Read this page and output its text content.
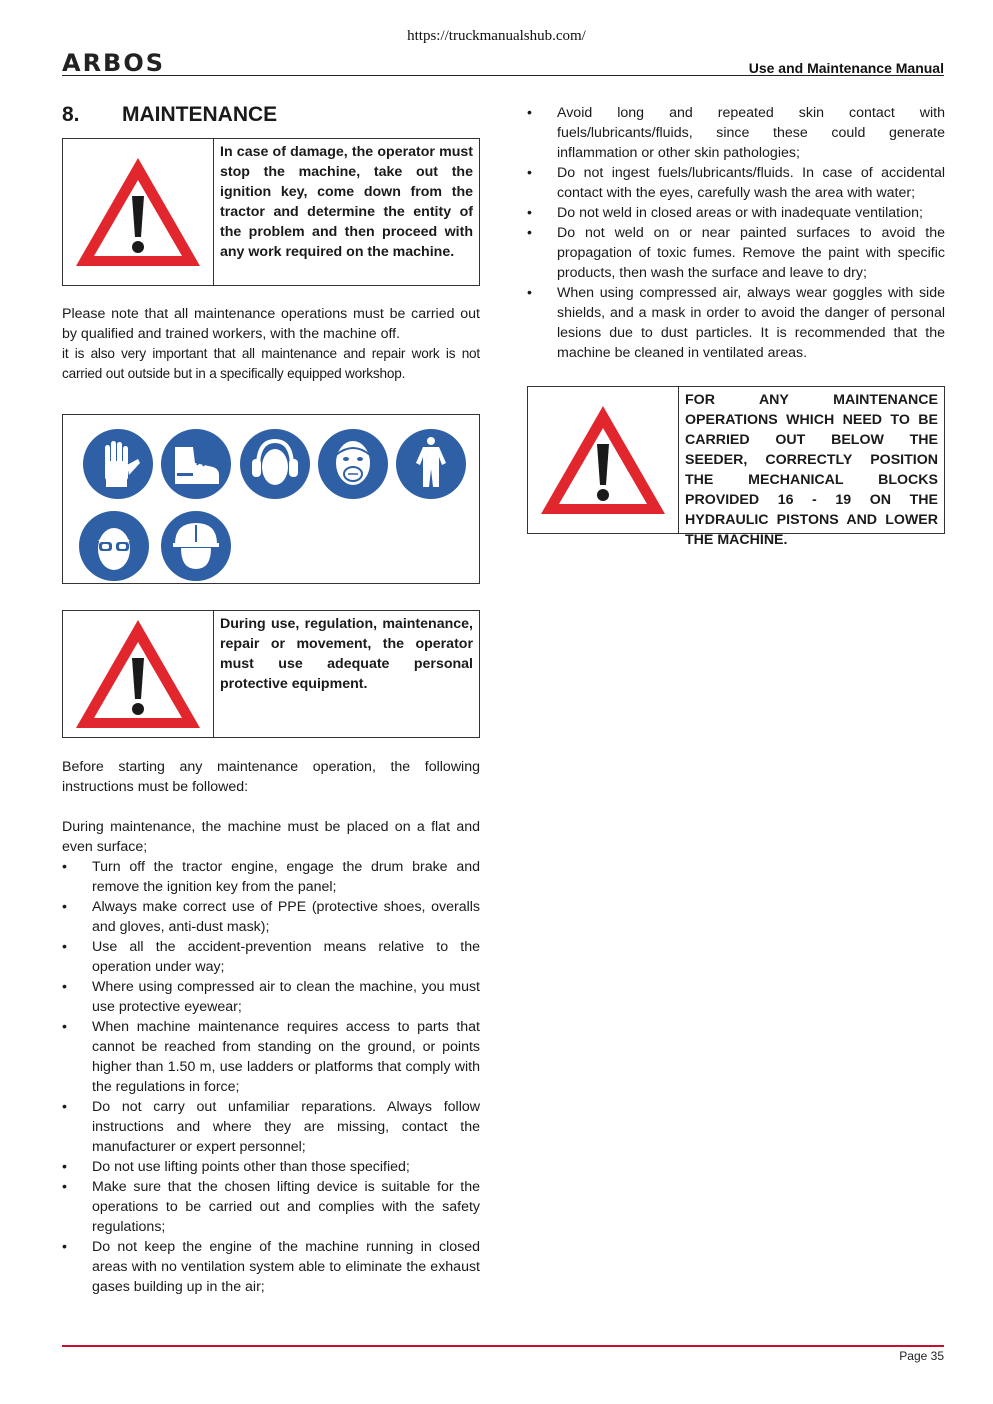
https://truckmanualshub.com/
ARBOS	Use and Maintenance Manual
8.	MAINTENANCE
In case of damage, the operator must stop the machine, take out the ignition key, come down from the tractor and determine the entity of the problem and then proceed with any work required on the machine.

Please note that all maintenance operations must be carried out by qualified and trained workers, with the machine off.

it is also very important that all maintenance and repair work is not carried out outside but in a specifically equipped workshop.

During use, regulation, maintenance, repair or movement, the operator must use adequate personal protective equipment.

Before starting any maintenance operation, the following instructions must be followed:

During maintenance, the machine must be placed on a flat and even surface;

• Turn off the tractor engine, engage the drum brake and remove the ignition key from the panel;
• Always make correct use of PPE (protective shoes, overalls and gloves, anti-dust mask);
• Use all the accident-prevention means relative to the operation under way;
• Where using compressed air to clean the machine, you must use protective eyewear;
• When machine maintenance requires access to parts that cannot be reached from standing on the ground, or points higher than 1.50 m, use ladders or platforms that comply with the regulations in force;
• Do not carry out unfamiliar reparations. Always follow instructions and where they are missing, contact the manufacturer or expert personnel;
• Do not use lifting points other than those specified;
• Make sure that the chosen lifting device is suitable for the operations to be carried out and complies with the safety regulations;
• Do not keep the engine of the machine running in closed areas with no ventilation system able to eliminate the exhaust gases building up in the air;
• Avoid long and repeated skin contact with fuels/lubricants/fluids, since these could generate inflammation or other skin pathologies;
• Do not ingest fuels/lubricants/fluids. In case of accidental contact with the eyes, carefully wash the area with water;
• Do not weld in closed areas or with inadequate ventilation;
• Do not weld on or near painted surfaces to avoid the propagation of toxic fumes. Remove the paint with specific products, then wash the surface and leave to dry;
• When using compressed air, always wear goggles with side shields, and a mask in order to avoid the danger of personal lesions due to dust particles. It is recommended that the machine be cleaned in ventilated areas.
FOR ANY MAINTENANCE OPERATIONS WHICH NEED TO BE CARRIED OUT BELOW THE SEEDER, CORRECTLY POSITION THE MECHANICAL BLOCKS PROVIDED 16 - 19 ON THE HYDRAULIC PISTONS AND LOWER THE MACHINE.
Page 35
